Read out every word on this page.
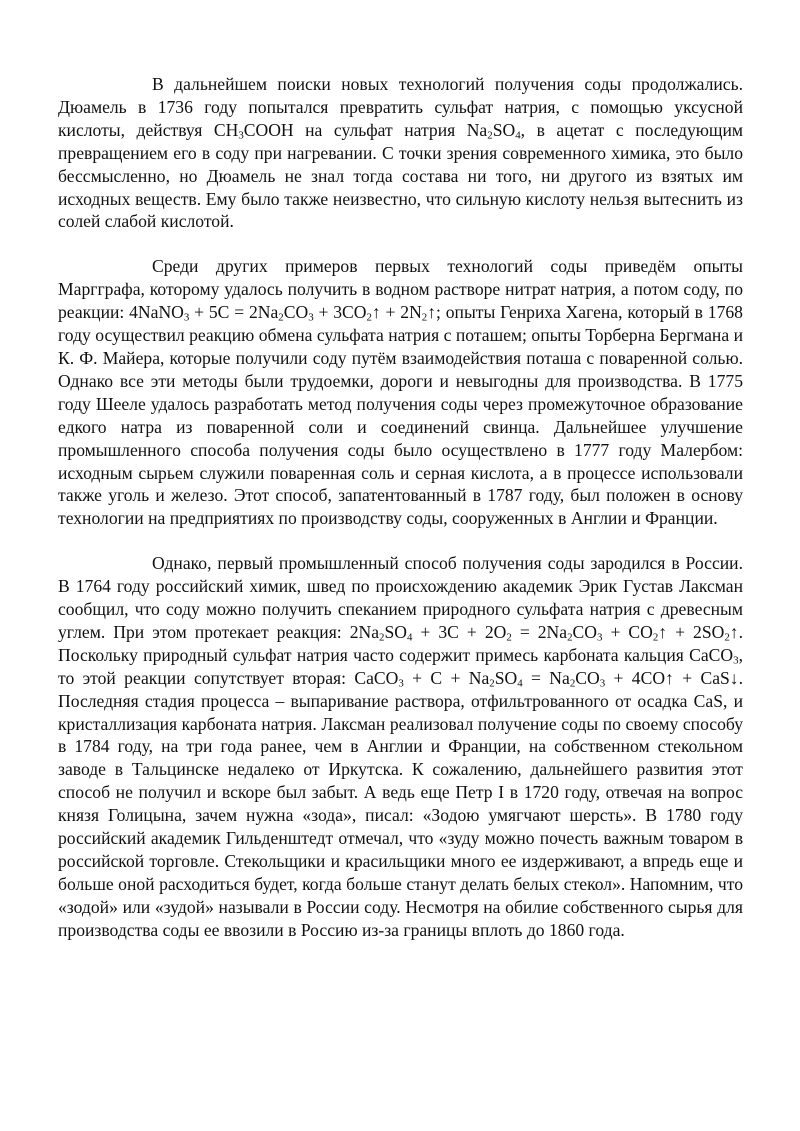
В дальнейшем поиски новых технологий получения соды продолжались. Дюамель в 1736 году попытался превратить сульфат натрия, с помощью уксусной кислоты, действуя $CH_3COOH$ на сульфат натрия $Na_2SO_4$, в ацетат с последующим превращением его в соду при нагревании. С точки зрения современного химика, это было бессмысленно, но Дюамель не знал тогда состава ни того, ни другого из взятых им исходных веществ. Ему было также неизвестно, что сильную кислоту нельзя вытеснить из солей слабой кислотой.

Среди других примеров первых технологий соды приведём опыты Маргграфа, которому удалось получить в водном растворе нитрат натрия, а потом соду, по реакции: 4NaNO$_3$ + $5C = 2Na_2CO_3$ + $3CO_2↑$ + $2N_2↑$; опыты Генриха Хагена, который в 1768 году осуществил реакцию обмена сульфата натрия с поташем; опыты Торберна Бергмана и К. Ф. Майера, которые получили соду путём взаимодействия поташа с поваренной солью. Однако все эти методы были трудоемки, дороги и невыгодны для производства. В 1775 году Шееле удалось разработать метод получения соды через промежуточное образование едкого натра из поваренной соли и соединений свинца. Дальнейшее улучшение промышленного способа получения соды было осуществлено в 1777 году Малербом: исходным сырьем служили поваренная соль и серная кислота, а в процессе использовали также уголь и железо. Этот способ, запатентованный в 1787 году, был положен в основу технологии на предприятиях по производству соды, сооруженных в Англии и Франции.

Однако, первый промышленный способ получения соды зародился в России. В 1764 году российский химик, швед по происхождению академик Эрик Густав Лаксман сообщил, что соду можно получить спеканием природного сульфата натрия с древесным углем. При этом протекает реакция: $2Na_2SO_4 + 3C + 2O_2 = 2Na_2CO_3$ + $CO_2↑$ + $2SO_2↑$. Поскольку природный сульфат натрия часто содержит примесь карбоната кальция CaCO$_3$, то этой реакции сопутствует вторая: CaCO$_3$ + $C + Na_2SO_4 = Na_2CO_3$ + 4CO↑ + CaS↓. Последняя стадия процесса – выпаривание раствора, отфильтрованного от осадка CaS, и кристаллизация карбоната натрия. Лаксман реализовал получение соды по своему способу в 1784 году, на три года ранее, чем в Англии и Франции, на собственном стекольном заводе в Тальцинске недалеко от Иркутска. К сожалению, дальнейшего развития этот способ не получил и вскоре был забыт. А ведь еще Петр I в 1720 году, отвечая на вопрос князя Голицына, зачем нужна «зода», писал: «Зодою умягчают шерсть». В 1780 году российский академик Гильденштедт отмечал, что «зуду можно почесть важным товаром в российской торговле. Стекольщики и красильщики много ее издерживают, а впредь еще и больше оной расходиться будет, когда больше станут делать белых стекол». Напомним, что «зодой» или «зудой» называли в России соду. Несмотря на обилие собственного сырья для производства соды ее ввозили в Россию из-за границы вплоть до 1860 года.
